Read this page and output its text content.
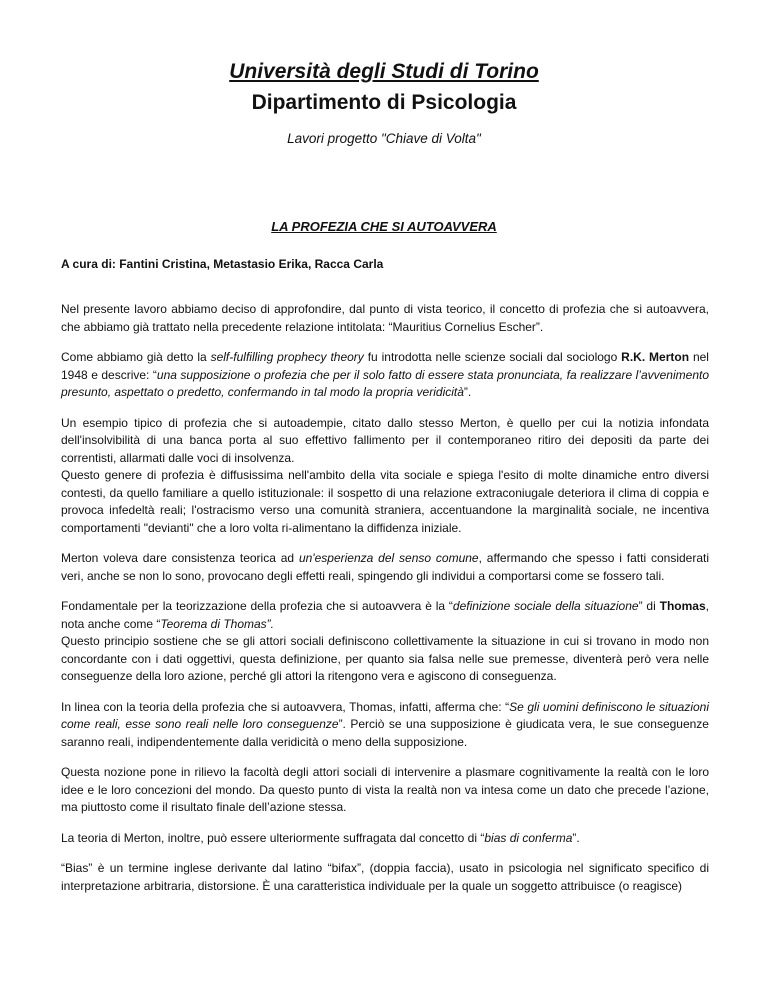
Università degli Studi di Torino
Dipartimento di Psicologia
Lavori progetto "Chiave di Volta"
LA PROFEZIA CHE SI AUTOAVVERA
A cura di: Fantini Cristina, Metastasio Erika, Racca Carla

Nel presente lavoro abbiamo deciso di approfondire, dal punto di vista teorico, il concetto di profezia che si autoavvera, che abbiamo già trattato nella precedente relazione intitolata: “Mauritius Cornelius Escher”.

Come abbiamo già detto la self-fulfilling prophecy theory fu introdotta nelle scienze sociali dal sociologo R.K. Merton nel 1948 e descrive: “una supposizione o profezia che per il solo fatto di essere stata pronunciata, fa realizzare l’avvenimento presunto, aspettato o predetto, confermando in tal modo la propria veridicità”.

Un esempio tipico di profezia che si autoadempie, citato dallo stesso Merton, è quello per cui la notizia infondata dell'insolvibilità di una banca porta al suo effettivo fallimento per il contemporaneo ritiro dei depositi da parte dei correntisti, allarmati dalle voci di insolvenza.

Questo genere di profezia è diffusissima nell'ambito della vita sociale e spiega l'esito di molte dinamiche entro diversi contesti, da quello familiare a quello istituzionale: il sospetto di una relazione extraconiugale deteriora il clima di coppia e provoca infedeltà reali; l'ostracismo verso una comunità straniera, accentuandone la marginalità sociale, ne incentiva comportamenti "devianti" che a loro volta ri-alimentano la diffidenza iniziale.

Merton voleva dare consistenza teorica ad un'esperienza del senso comune, affermando che spesso i fatti considerati veri, anche se non lo sono, provocano degli effetti reali, spingendo gli individui a comportarsi come se fossero tali.

Fondamentale per la teorizzazione della profezia che si autoavvera è la “definizione sociale della situazione” di Thomas, nota anche come “Teorema di Thomas”.

Questo principio sostiene che se gli attori sociali definiscono collettivamente la situazione in cui si trovano in modo non concordante con i dati oggettivi, questa definizione, per quanto sia falsa nelle sue premesse, diventerà però vera nelle conseguenze della loro azione, perché gli attori la ritengono vera e agiscono di conseguenza.

In linea con la teoria della profezia che si autoavvera, Thomas, infatti, afferma che: “Se gli uomini definiscono le situazioni come reali, esse sono reali nelle loro conseguenze”. Perciò se una supposizione è giudicata vera, le sue conseguenze saranno reali, indipendentemente dalla veridicità o meno della supposizione.

Questa nozione pone in rilievo la facoltà degli attori sociali di intervenire a plasmare cognitivamente la realtà con le loro idee e le loro concezioni del mondo. Da questo punto di vista la realtà non va intesa come un dato che precede l’azione, ma piuttosto come il risultato finale dell’azione stessa.

La teoria di Merton, inoltre, può essere ulteriormente suffragata dal concetto di “bias di conferma”.

“Bias” è un termine inglese derivante dal latino “bifax”, (doppia faccia), usato in psicologia nel significato specifico di interpretazione arbitraria, distorsione. È una caratteristica individuale per la quale un soggetto attribuisce (o reagisce)
